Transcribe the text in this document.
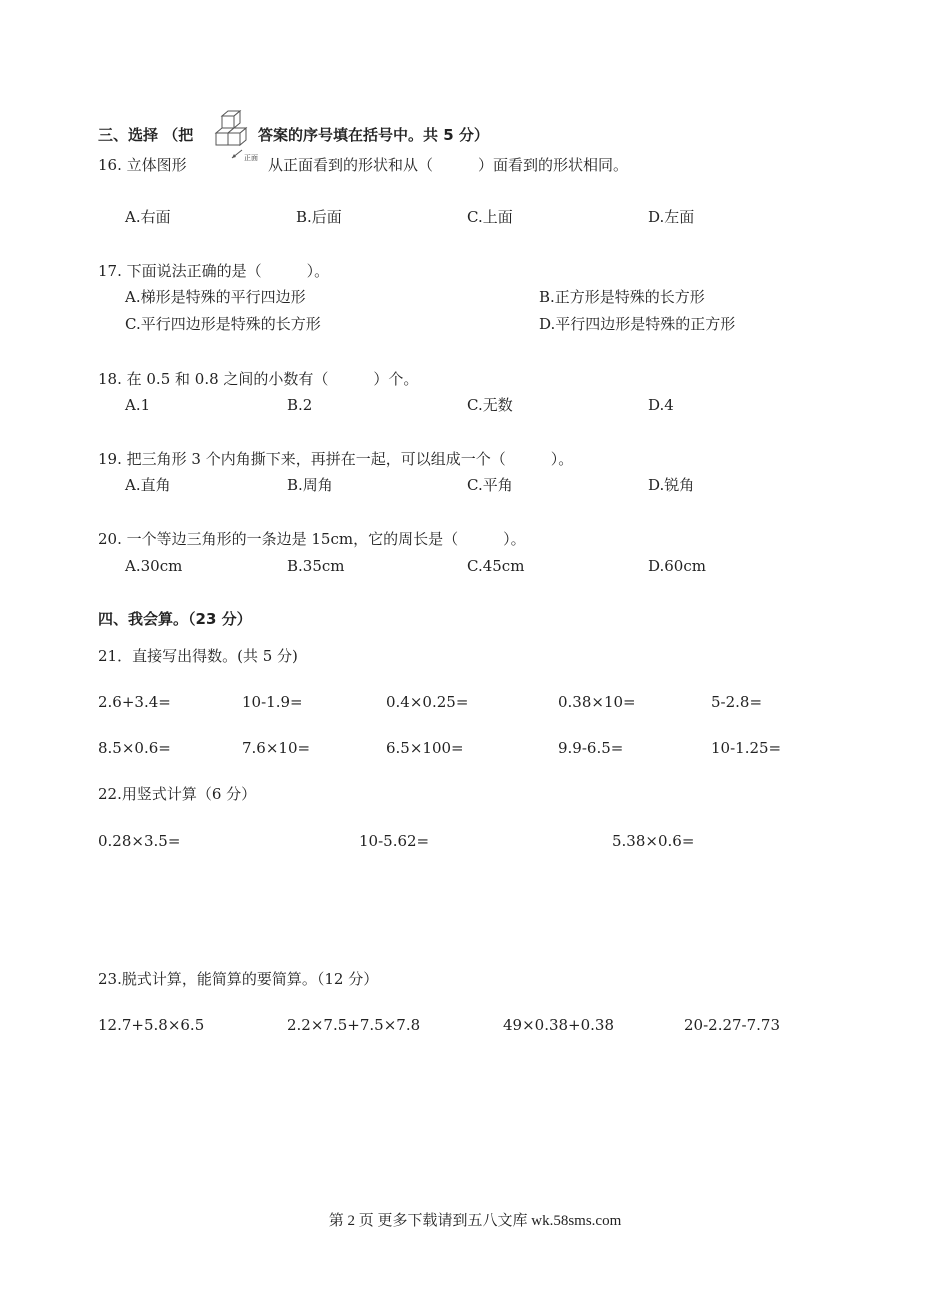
三、选择 （把	答案的序号填在括号中。共 5 分）
正面
16. 立体图形	从正面看到的形状和从（　　　）面看到的形状相同。
A.右面	B.后面	C.上面	D.左面
17. 下面说法正确的是（　　　）。
A.梯形是特殊的平行四边形	B.正方形是特殊的长方形
C.平行四边形是特殊的长方形	D.平行四边形是特殊的正方形
18. 在 0.5 和 0.8 之间的小数有（　　　）个。
A.1	B.2	C.无数	D.4
19. 把三角形 3 个内角撕下来，再拼在一起，可以组成一个（　　　）。
A.直角	B.周角	C.平角	D.锐角
20. 一个等边三角形的一条边是 15cm，它的周长是（　　　）。
A.30cm	B.35cm	C.45cm	D.60cm
四、我会算。（23 分）
21．直接写出得数。(共 5 分)
2.6+3.4=	10-1.9=	0.4×0.25=	0.38×10=	5-2.8=
8.5×0.6=	7.6×10=	6.5×100=	9.9-6.5=	10-1.25=
22.用竖式计算（6 分）
0.28×3.5=	10-5.62=	5.38×0.6=
23.脱式计算，能简算的要简算。（12 分）
12.7+5.8×6.5	2.2×7.5+7.5×7.8	49×0.38+0.38	20-2.27-7.73
第 2 页 更多下载请到五八文库 wk.58sms.com
